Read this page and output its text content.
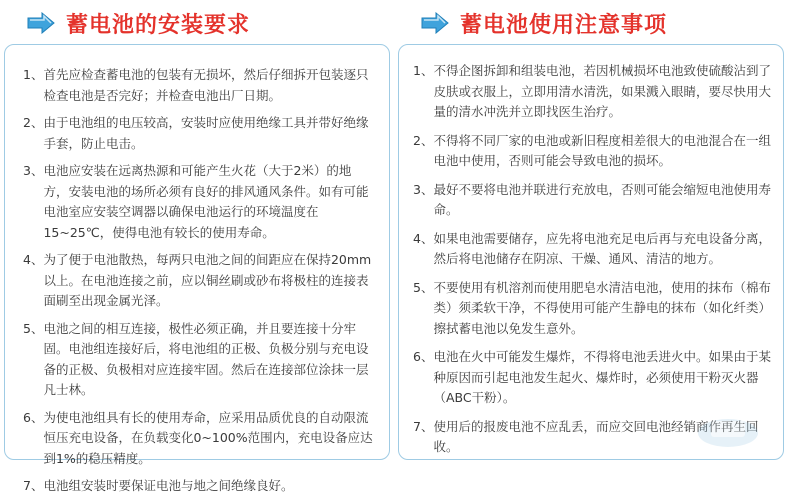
蓄电池的安装要求
1、 首先应检查蓄电池的包装有无损坏，然后仔细拆开包装逐只检查电池是否完好；并检查电池出厂日期。
2、 由于电池组的电压较高，安装时应使用绝缘工具并带好绝缘手套，防止电击。
3、 电池应安装在远离热源和可能产生火花（大于2米）的地方，安装电池的场所必须有良好的排风通风条件。如有可能电池室应安装空调器以确保电池运行的环境温度在15~25℃，使得电池有较长的使用寿命。
4、 为了便于电池散热，每两只电池之间的间距应在保持20mm以上。在电池连接之前，应以铜丝刷或砂布将极柱的连接表面刷至出现金属光泽。
5、 电池之间的相互连接，极性必须正确，并且要连接十分牢固。电池组连接好后，将电池组的正极、负极分别与充电设备的正极、负极相对应连接牢固。然后在连接部位涂抹一层凡士林。
6、 为使电池组具有长的使用寿命，应采用品质优良的自动限流恒压充电设备，在负载变化0~100%范围内，充电设备应达到1%的稳压精度。
7、 电池组安装时要保证电池与地之间绝缘良好。
蓄电池使用注意事项
1、 不得企图拆卸和组装电池，若因机械损坏电池致使硫酸沾到了皮肤或衣服上，立即用清水清洗，如果溅入眼睛，要尽快用大量的清水冲洗并立即找医生治疗。
2、 不得将不同厂家的电池或新旧程度相差很大的电池混合在一组电池中使用，否则可能会导致电池的损坏。
3、 最好不要将电池并联进行充放电，否则可能会缩短电池使用寿命。
4、 如果电池需要储存，应先将电池充足电后再与充电设备分离，然后将电池储存在阴凉、干燥、通风、清洁的地方。
5、 不要使用有机溶剂而使用肥皂水清洁电池，使用的抹布（棉布类）须柔软干净，不得使用可能产生静电的抹布（如化纤类）擦拭蓄电池以免发生意外。
6、 电池在火中可能发生爆炸，不得将电池丢进火中。如果由于某种原因而引起电池发生起火、爆炸时，必须使用干粉灭火器（ABC干粉）。
7、 使用后的报废电池不应乱丢，而应交回电池经销商作再生回收。
